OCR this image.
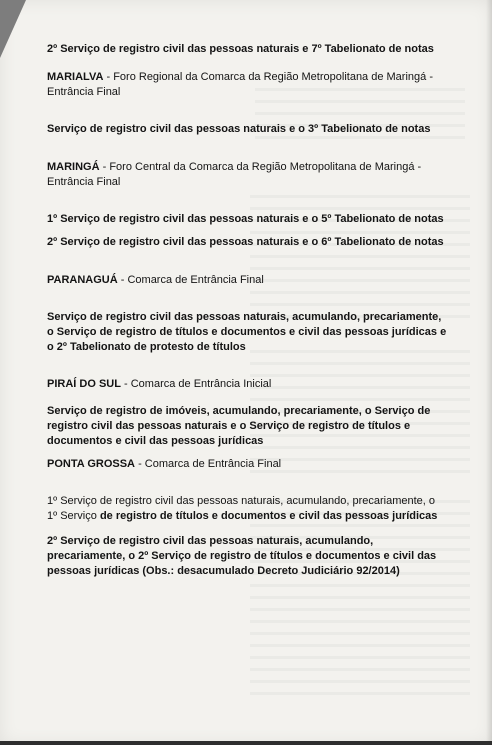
2º Serviço de registro civil das pessoas naturais e 7º Tabelionato de notas

MARIALVA - Foro Regional da Comarca da Região Metropolitana de Maringá - Entrância Final

Serviço de registro civil das pessoas naturais e o 3º Tabelionato de notas

MARINGÁ - Foro Central da Comarca da Região Metropolitana de Maringá - Entrância Final

1º Serviço de registro civil das pessoas naturais e o 5º Tabelionato de notas

2º Serviço de registro civil das pessoas naturais e o 6º Tabelionato de notas

PARANAGUÁ - Comarca de Entrância Final

Serviço de registro civil das pessoas naturais, acumulando, precariamente, o Serviço de registro de títulos e documentos e civil das pessoas jurídicas e o 2º Tabelionato de protesto de títulos

PIRAÍ DO SUL - Comarca de Entrância Inicial

Serviço de registro de imóveis, acumulando, precariamente, o Serviço de registro civil das pessoas naturais e o Serviço de registro de títulos e documentos e civil das pessoas jurídicas

PONTA GROSSA - Comarca de Entrância Final

1º Serviço de registro civil das pessoas naturais, acumulando, precariamente, o 1º Serviço de registro de títulos e documentos e civil das pessoas jurídicas

2º Serviço de registro civil das pessoas naturais, acumulando, precariamente, o 2º Serviço de registro de títulos e documentos e civil das pessoas jurídicas (Obs.: desacumulado Decreto Judiciário 92/2014)
